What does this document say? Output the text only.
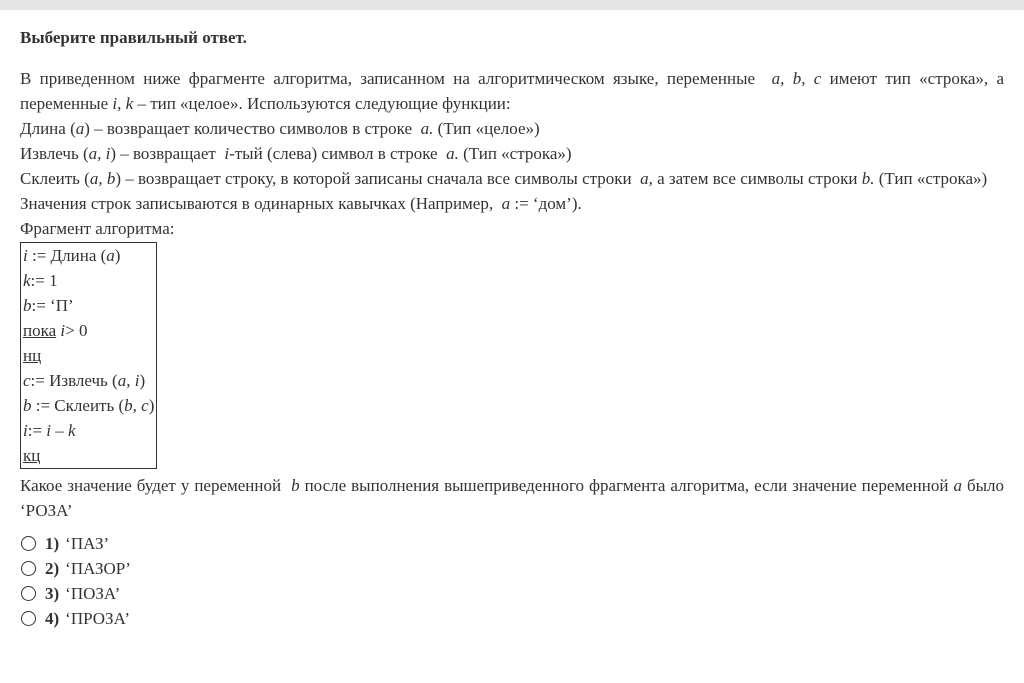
Выберите правильный ответ.
В приведенном ниже фрагменте алгоритма, записанном на алгоритмическом языке, переменные a, b, c имеют тип «строка», а переменные i, k – тип «целое». Используются следующие функции:
Длина (a) – возвращает количество символов в строке a. (Тип «целое»)
Извлечь (a, i) – возвращает i-тый (слева) символ в строке a. (Тип «строка»)
Склеить (a, b) – возвращает строку, в которой записаны сначала все символы строки a, а затем все символы строки b. (Тип «строка»)
Значения строк записываются в одинарных кавычках (Например, a := ‘дом’).
Фрагмент алгоритма:
i := Длина (a)
k:= 1
b:= ‘П’
пока i> 0
нц
c:= Извлечь (a, i)
b := Склеить (b, c)
i:= i – k
кц
Какое значение будет у переменной b после выполнения вышеприведенного фрагмента алгоритма, если значение переменной a было ‘РОЗА’
1) ‘ПАЗ’
2) ‘ПАЗОР’
3) ‘ПОЗА’
4) ‘ПРОЗА’
